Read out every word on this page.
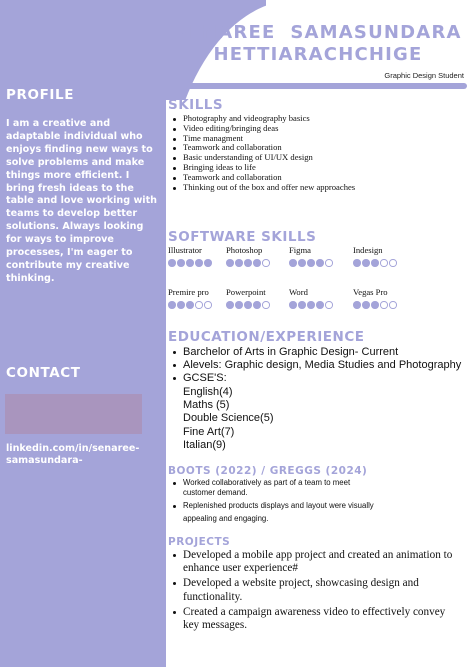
PROFILE
I am a creative and adaptable individual who enjoys finding new ways to solve problems and make things more efficient. I bring fresh ideas to the table and love working with teams to develop better solutions. Always looking for ways to improve processes, I'm eager to contribute my creative thinking.
CONTACT
linkedin.com/in/senaree-samasundara-
SENAREE  SAMASUNDARA
HETTIARACHCHIGE
Graphic Design Student
SKILLS
Photography and videography basics
Video editing/bringing deas
Time managment
Teamwork and collaboration
Basic understanding of UI/UX design
Bringing ideas to life
Teamwork and collaboration
Thinking out of the box and offer new approaches
SOFTWARE SKILLS
Illustrator	Photoshop	Figma	Indesign
Premire pro	Powerpoint	Word	Vegas Pro
EDUCATION/EXPERIENCE
Barchelor of Arts in Graphic Design- Current
Alevels: Graphic design, Media Studies and Photography
GCSE'S:
English(4)
Maths (5)
Double Science(5)
Fine Art(7)
Italian(9)
BOOTS (2022) / GREGGS (2024)
Worked collaboratively as part of a team to meet
customer demand.
Replenished products displays and layout were visually
appealing and engaging.
PROJECTS
Developed a mobile app project and created an animation to enhance user experience#
Developed a website project, showcasing design and functionality.
Created a campaign awareness video to effectively convey key messages.
